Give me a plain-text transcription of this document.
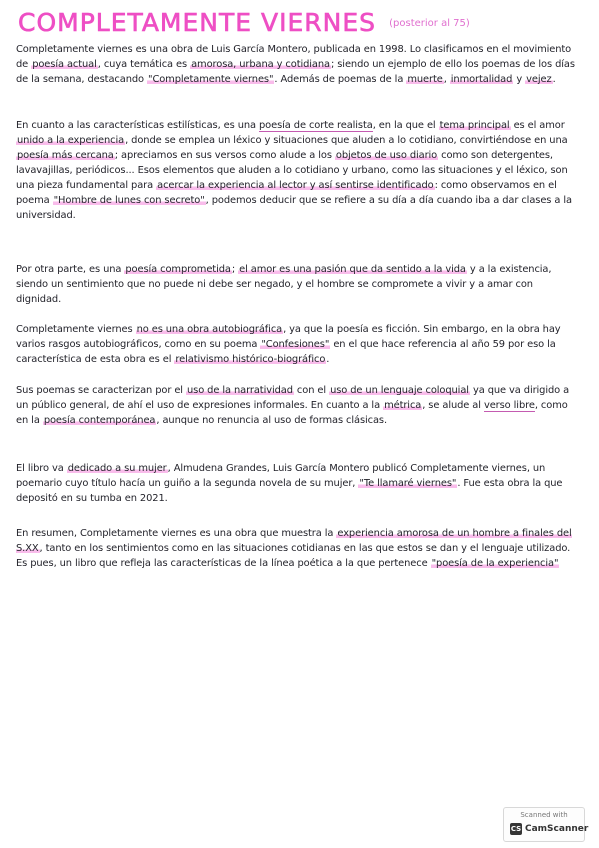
COMPLETAMENTE VIERNES (posterior al 75)
Completamente viernes es una obra de Luis García Montero, publicada en 1998. Lo clasificamos en el movimiento de poesía actual, cuya temática es amorosa, urbana y cotidiana; siendo un ejemplo de ello los poemas de los días de la semana, destacando "Completamente viernes". Además de poemas de la muerte, inmortalidad y vejez.
En cuanto a las características estilísticas, es una poesía de corte realista, en la que el tema principal es el amor unido a la experiencia, donde se emplea un léxico y situaciones que aluden a lo cotidiano, convirtiéndose en una poesía más cercana; apreciamos en sus versos como alude a los objetos de uso diario como son detergentes, lavavajillas, periódicos... Esos elementos que aluden a lo cotidiano y urbano, como las situaciones y el léxico, son una pieza fundamental para acercar la experiencia al lector y así sentirse identificado: como observamos en el poema "Hombre de lunes con secreto", podemos deducir que se refiere a su día a día cuando iba a dar clases a la universidad.
Por otra parte, es una poesía comprometida; el amor es una pasión que da sentido a la vida y a la existencia, siendo un sentimiento que no puede ni debe ser negado, y el hombre se compromete a vivir y a amar con dignidad.
Completamente viernes no es una obra autobiográfica, ya que la poesía es ficción. Sin embargo, en la obra hay varios rasgos autobiográficos, como en su poema "Confesiones" en el que hace referencia al año 59 por eso la característica de esta obra es el relativismo histórico-biográfico.
Sus poemas se caracterizan por el uso de la narratividad con el uso de un lenguaje coloquial ya que va dirigido a un público general, de ahí el uso de expresiones informales. En cuanto a la métrica, se alude al verso libre, como en la poesía contemporánea, aunque no renuncia al uso de formas clásicas.
El libro va dedicado a su mujer, Almudena Grandes, Luis García Montero publicó Completamente viernes, un poemario cuyo título hacía un guiño a la segunda novela de su mujer, "Te llamaré viernes". Fue esta obra la que depositó en su tumba en 2021.
En resumen, Completamente viernes es una obra que muestra la experiencia amorosa de un hombre a finales del S.XX, tanto en los sentimientos como en las situaciones cotidianas en las que estos se dan y el lenguaje utilizado. Es pues, un libro que refleja las características de la línea poética a la que pertenece "poesía de la experiencia"
Scanned with
CS CamScanner
